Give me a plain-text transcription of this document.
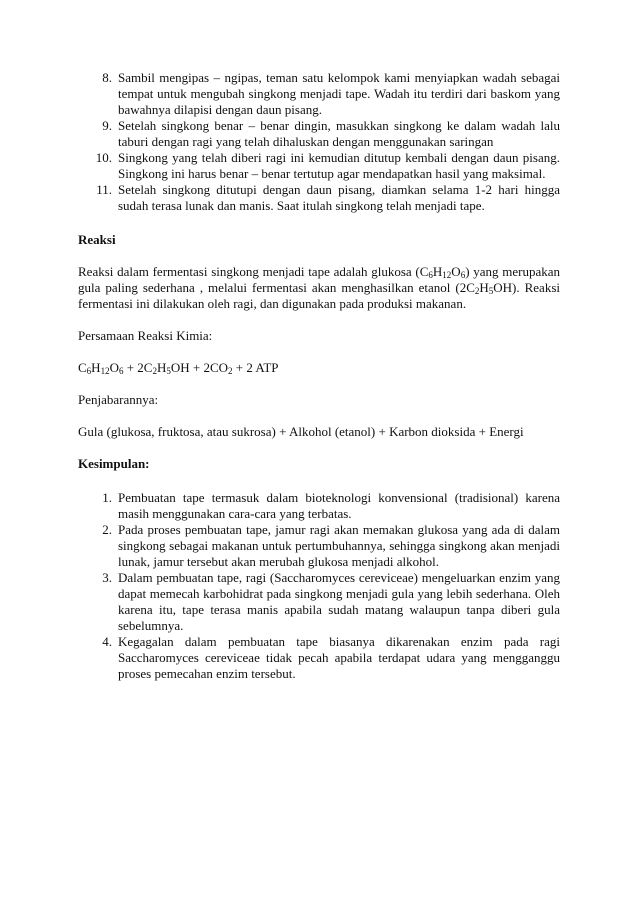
8. Sambil mengipas – ngipas, teman satu kelompok kami menyiapkan wadah sebagai tempat untuk mengubah singkong menjadi tape. Wadah itu terdiri dari baskom yang bawahnya dilapisi dengan daun pisang.
9. Setelah singkong benar – benar dingin, masukkan singkong ke dalam wadah lalu taburi dengan ragi yang telah dihaluskan dengan menggunakan saringan
10. Singkong yang telah diberi ragi ini kemudian ditutup kembali dengan daun pisang. Singkong ini harus benar – benar tertutup agar mendapatkan hasil yang maksimal.
11. Setelah singkong ditutupi dengan daun pisang, diamkan selama 1-2 hari hingga sudah terasa lunak dan manis. Saat itulah singkong telah menjadi tape.

Reaksi

Reaksi dalam fermentasi singkong menjadi tape adalah glukosa $(C_6H_{12}O_6)$ yang merupakan gula paling sederhana , melalui fermentasi akan menghasilkan etanol $(2C_2H_5OH)$. Reaksi fermentasi ini dilakukan oleh ragi, dan digunakan pada produksi makanan.

Persamaan Reaksi Kimia:

$C_6H_{12}O_6 + 2C_2H_5OH + 2CO_2 + 2$ ATP

Penjabarannya:

Gula (glukosa, fruktosa, atau sukrosa) + Alkohol (etanol) + Karbon dioksida + Energi

Kesimpulan:

1. Pembuatan tape termasuk dalam bioteknologi konvensional (tradisional) karena masih menggunakan cara-cara yang terbatas.
2. Pada proses pembuatan tape, jamur ragi akan memakan glukosa yang ada di dalam singkong sebagai makanan untuk pertumbuhannya, sehingga singkong akan menjadi lunak, jamur tersebut akan merubah glukosa menjadi alkohol.
3. Dalam pembuatan tape, ragi (Saccharomyces cereviceae) mengeluarkan enzim yang dapat memecah karbohidrat pada singkong menjadi gula yang lebih sederhana. Oleh karena itu, tape terasa manis apabila sudah matang walaupun tanpa diberi gula sebelumnya.
4. Kegagalan dalam pembuatan tape biasanya dikarenakan enzim pada ragi Saccharomyces cereviceae tidak pecah apabila terdapat udara yang mengganggu proses pemecahan enzim tersebut.
